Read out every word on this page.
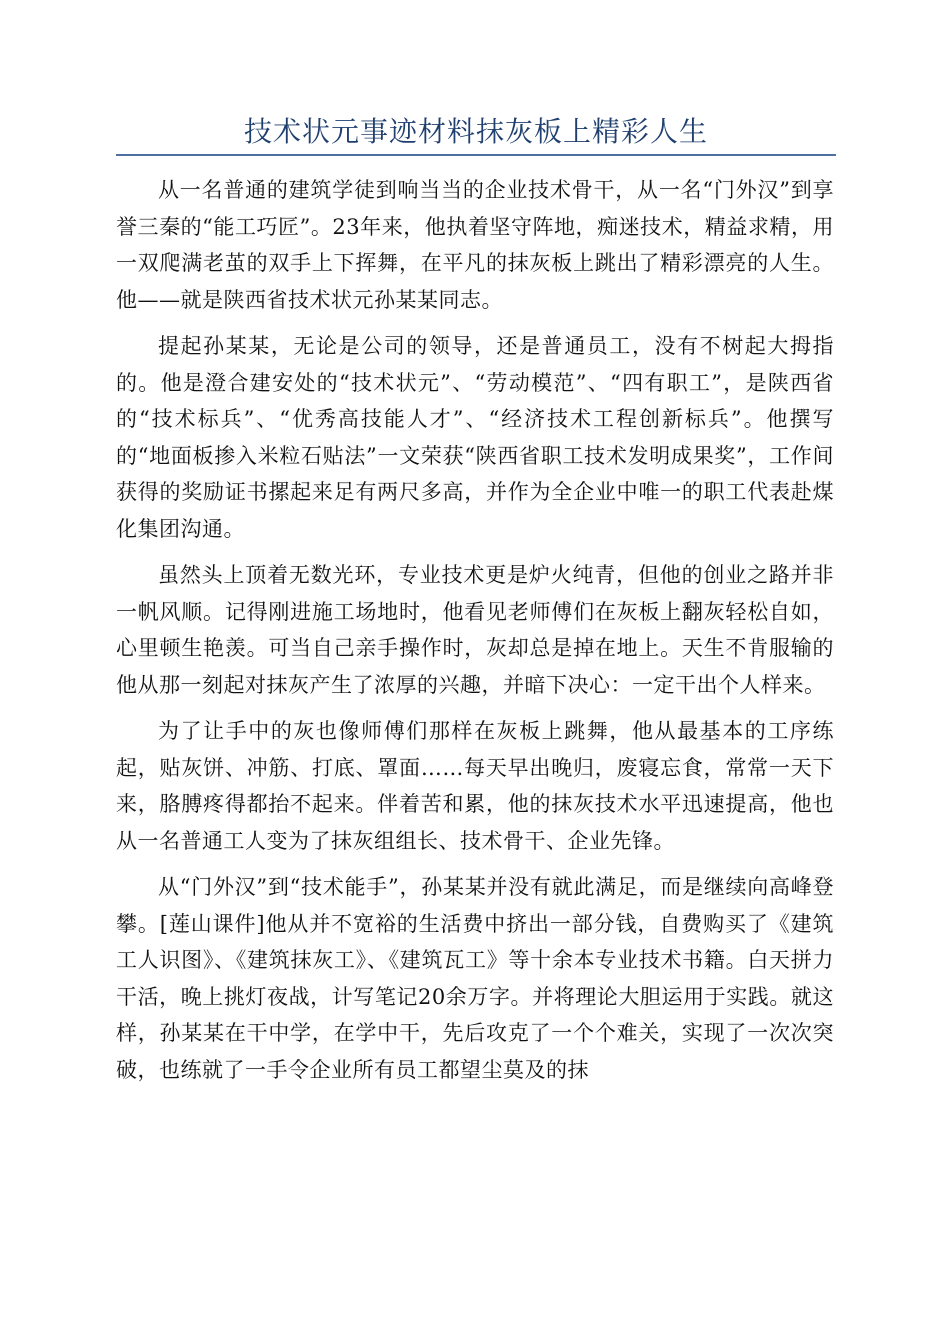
技术状元事迹材料抹灰板上精彩人生

从一名普通的建筑学徒到响当当的企业技术骨干，从一名“门外汉”到享誉三秦的“能工巧匠”。23年来，他执着坚守阵地，痴迷技术，精益求精，用一双爬满老茧的双手上下挥舞，在平凡的抹灰板上跳出了精彩漂亮的人生。他——就是陕西省技术状元孙某某同志。

提起孙某某，无论是公司的领导，还是普通员工，没有不树起大拇指的。他是澄合建安处的“技术状元”、“劳动模范”、“四有职工”，是陕西省的“技术标兵”、“优秀高技能人才”、“经济技术工程创新标兵”。他撰写的“地面板掺入米粒石贴法”一文荣获“陕西省职工技术发明成果奖”，工作间获得的奖励证书摞起来足有两尺多高，并作为全企业中唯一的职工代表赴煤化集团沟通。

虽然头上顶着无数光环，专业技术更是炉火纯青，但他的创业之路并非一帆风顺。记得刚进施工场地时，他看见老师傅们在灰板上翻灰轻松自如，心里顿生艳羡。可当自己亲手操作时，灰却总是掉在地上。天生不肯服输的他从那一刻起对抹灰产生了浓厚的兴趣，并暗下决心：一定干出个人样来。

为了让手中的灰也像师傅们那样在灰板上跳舞，他从最基本的工序练起，贴灰饼、冲筋、打底、罩面……每天早出晚归，废寝忘食，常常一天下来，胳膊疼得都抬不起来。伴着苦和累，他的抹灰技术水平迅速提高，他也从一名普通工人变为了抹灰组组长、技术骨干、企业先锋。

从“门外汉”到“技术能手”，孙某某并没有就此满足，而是继续向高峰登攀。[莲山课件]他从并不宽裕的生活费中挤出一部分钱，自费购买了《建筑工人识图》、《建筑抹灰工》、《建筑瓦工》等十余本专业技术书籍。白天拼力干活，晚上挑灯夜战，计写笔记20余万字。并将理论大胆运用于实践。就这样，孙某某在干中学，在学中干，先后攻克了一个个难关，实现了一次次突破，也练就了一手令企业所有员工都望尘莫及的抹
